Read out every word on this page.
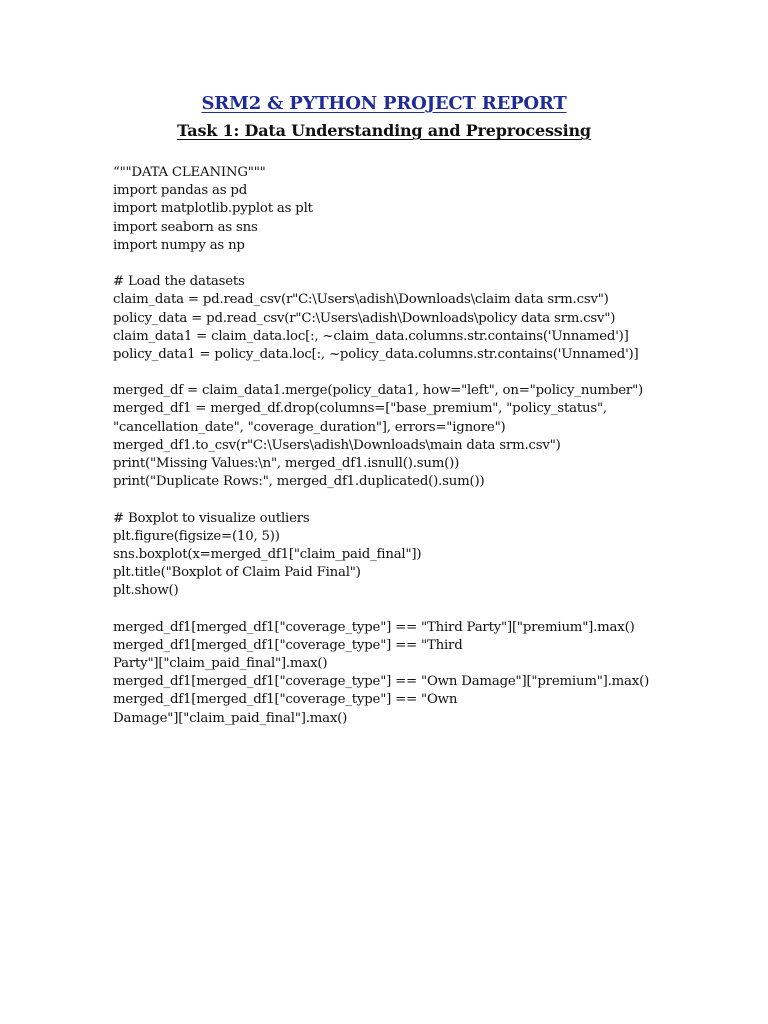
SRM2 & PYTHON PROJECT REPORT
Task 1: Data Understanding and Preprocessing
“""DATA CLEANING"""
import pandas as pd
import matplotlib.pyplot as plt
import seaborn as sns
import numpy as np
# Load the datasets
claim_data = pd.read_csv(r"C:\Users\adish\Downloads\claim data srm.csv")
policy_data = pd.read_csv(r"C:\Users\adish\Downloads\policy data srm.csv")
claim_data1 = claim_data.loc[:, ~claim_data.columns.str.contains('Unnamed')]
policy_data1 = policy_data.loc[:, ~policy_data.columns.str.contains('Unnamed')]
merged_df = claim_data1.merge(policy_data1, how="left", on="policy_number")
merged_df1 = merged_df.drop(columns=["base_premium", "policy_status",
"cancellation_date", "coverage_duration"], errors="ignore")
merged_df1.to_csv(r"C:\Users\adish\Downloads\main data srm.csv")
print("Missing Values:\n", merged_df1.isnull().sum())
print("Duplicate Rows:", merged_df1.duplicated().sum())
# Boxplot to visualize outliers
plt.figure(figsize=(10, 5))
sns.boxplot(x=merged_df1["claim_paid_final"])
plt.title("Boxplot of Claim Paid Final")
plt.show()
merged_df1[merged_df1["coverage_type"] == "Third Party"]["premium"].max()
merged_df1[merged_df1["coverage_type"] == "Third
Party"]["claim_paid_final"].max()
merged_df1[merged_df1["coverage_type"] == "Own Damage"]["premium"].max()
merged_df1[merged_df1["coverage_type"] == "Own
Damage"]["claim_paid_final"].max()
